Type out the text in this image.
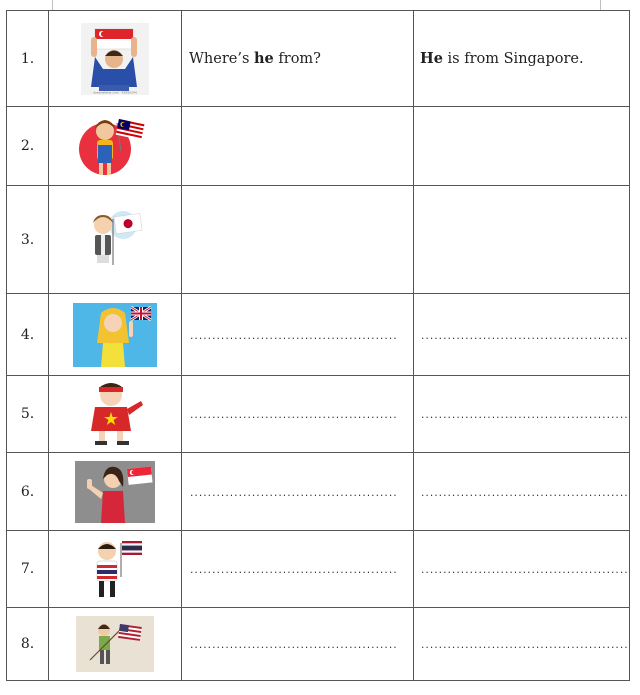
1.	dreamstime.com · 42950344	Where’s he from?	He is from Singapore.
2.			
3.			
4.		...............................................	...............................................
5.		...............................................	...............................................
6.		...............................................	...............................................
7.		...............................................	...............................................
8.		...............................................	...............................................
